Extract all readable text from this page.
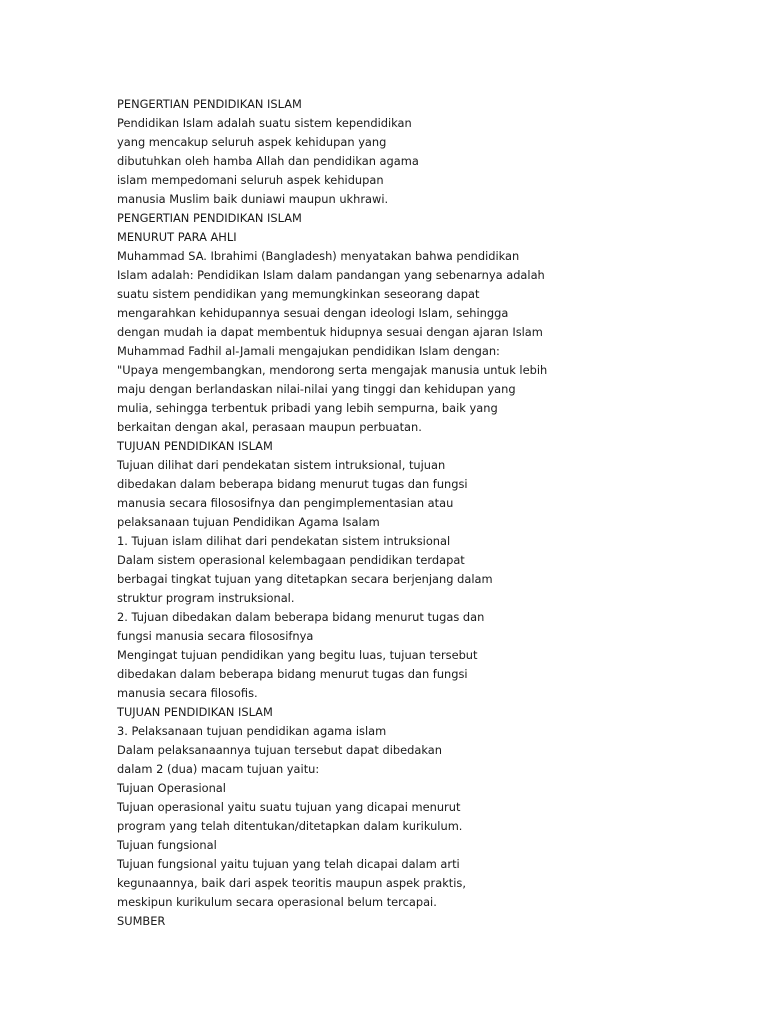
PENGERTIAN PENDIDIKAN ISLAM
Pendidikan Islam adalah suatu sistem kependidikan
yang mencakup seluruh aspek kehidupan yang
dibutuhkan oleh hamba Allah dan pendidikan agama
islam mempedomani seluruh aspek kehidupan
manusia Muslim baik duniawi maupun ukhrawi.
PENGERTIAN PENDIDIKAN ISLAM
MENURUT PARA AHLI
Muhammad SA. Ibrahimi (Bangladesh) menyatakan bahwa pendidikan
Islam adalah: Pendidikan Islam dalam pandangan yang sebenarnya adalah
suatu sistem pendidikan yang memungkinkan seseorang dapat
mengarahkan kehidupannya sesuai dengan ideologi Islam, sehingga
dengan mudah ia dapat membentuk hidupnya sesuai dengan ajaran Islam
Muhammad Fadhil al-Jamali mengajukan pendidikan Islam dengan:
"Upaya mengembangkan, mendorong serta mengajak manusia untuk lebih
maju dengan berlandaskan nilai-nilai yang tinggi dan kehidupan yang
mulia, sehingga terbentuk pribadi yang lebih sempurna, baik yang
berkaitan dengan akal, perasaan maupun perbuatan.
TUJUAN PENDIDIKAN ISLAM
Tujuan dilihat dari pendekatan sistem intruksional, tujuan
dibedakan dalam beberapa bidang menurut tugas dan fungsi
manusia secara filososifnya dan pengimplementasian atau
pelaksanaan tujuan Pendidikan Agama Isalam
1. Tujuan islam dilihat dari pendekatan sistem intruksional
Dalam sistem operasional kelembagaan pendidikan terdapat
berbagai tingkat tujuan yang ditetapkan secara berjenjang dalam
struktur program instruksional.
2. Tujuan dibedakan dalam beberapa bidang menurut tugas dan
fungsi manusia secara filososifnya
Mengingat tujuan pendidikan yang begitu luas, tujuan tersebut
dibedakan dalam beberapa bidang menurut tugas dan fungsi
manusia secara filosofis.
TUJUAN PENDIDIKAN ISLAM
3. Pelaksanaan tujuan pendidikan agama islam
Dalam pelaksanaannya tujuan tersebut dapat dibedakan
dalam 2 (dua) macam tujuan yaitu:
Tujuan Operasional
Tujuan operasional yaitu suatu tujuan yang dicapai menurut
program yang telah ditentukan/ditetapkan dalam kurikulum.
Tujuan fungsional
Tujuan fungsional yaitu tujuan yang telah dicapai dalam arti
kegunaannya, baik dari aspek teoritis maupun aspek praktis,
meskipun kurikulum secara operasional belum tercapai.
SUMBER
